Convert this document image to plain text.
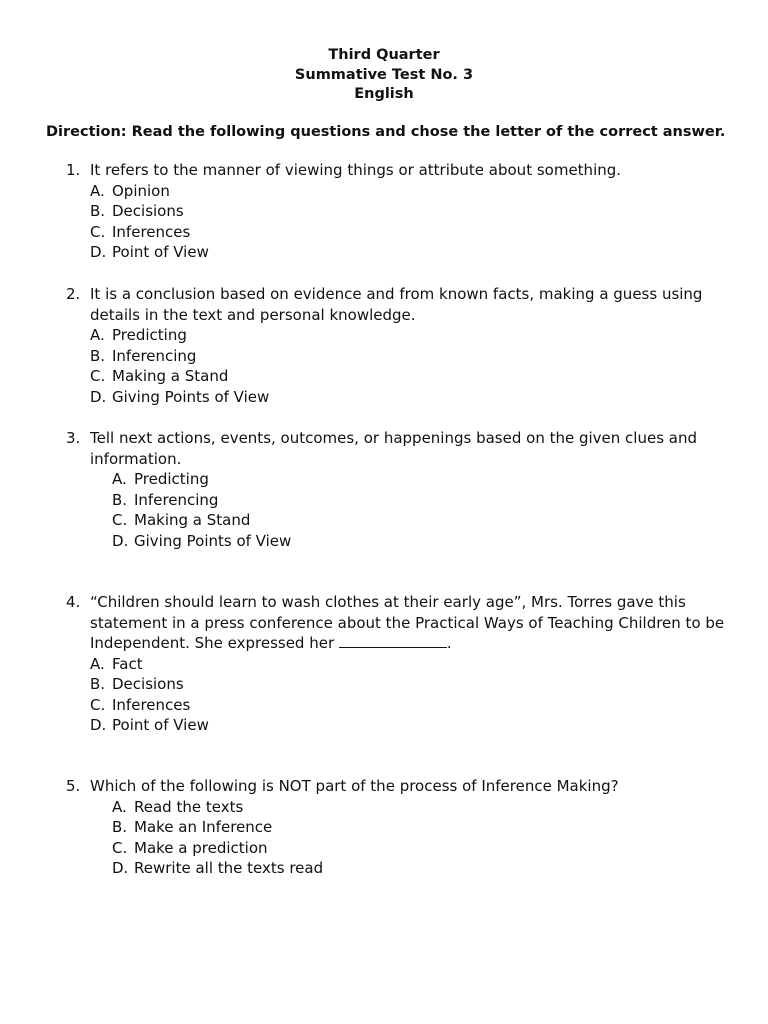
Third Quarter
Summative Test No. 3
English
Direction: Read the following questions and chose the letter of the correct answer.
1. It refers to the manner of viewing things or attribute about something.
A. Opinion
B. Decisions
C. Inferences
D. Point of View
2. It is a conclusion based on evidence and from known facts, making a guess using details in the text and personal knowledge.
A. Predicting
B. Inferencing
C. Making a Stand
D. Giving Points of View
3. Tell next actions, events, outcomes, or happenings based on the given clues and information.
A. Predicting
B. Inferencing
C. Making a Stand
D. Giving Points of View
4. “Children should learn to wash clothes at their early age”, Mrs. Torres gave this statement in a press conference about the Practical Ways of Teaching Children to be Independent. She expressed her	.
A. Fact
B. Decisions
C. Inferences
D. Point of View
5. Which of the following is NOT part of the process of Inference Making?
A. Read the texts
B. Make an Inference
C. Make a prediction
D. Rewrite all the texts read
